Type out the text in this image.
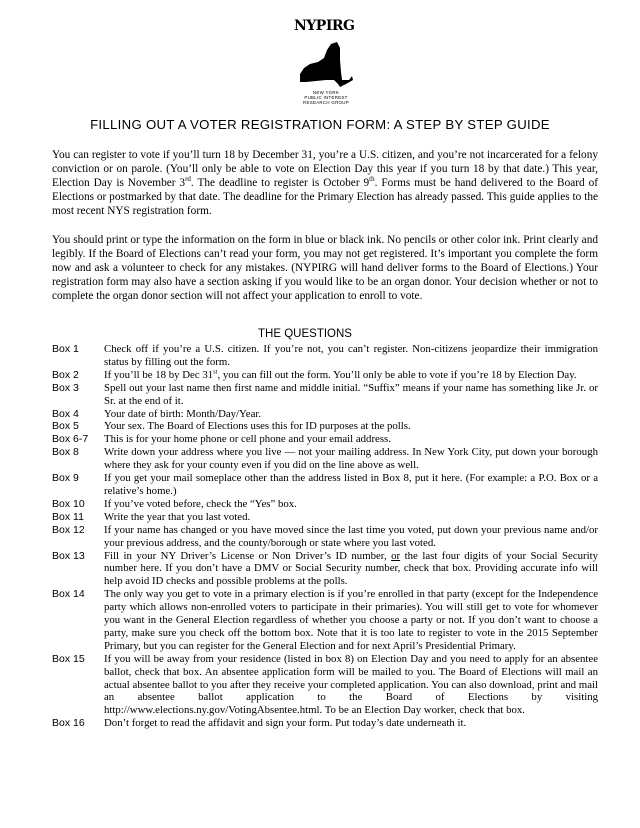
NYPIRG
NEW YORK
PUBLIC INTEREST
RESEARCH GROUP
FILLING OUT A VOTER REGISTRATION FORM: A STEP BY STEP GUIDE
You can register to vote if you’ll turn 18 by December 31, you’re a U.S. citizen, and you’re not incarcerated for a felony conviction or on parole. (You’ll only be able to vote on Election Day this year if you turn 18 by that date.) This year, Election Day is November 3rd. The deadline to register is October 9th. Forms must be hand delivered to the Board of Elections or postmarked by that date. The deadline for the Primary Election has already passed. This guide applies to the most recent NYS registration form.
You should print or type the information on the form in blue or black ink. No pencils or other color ink. Print clearly and legibly. If the Board of Elections can’t read your form, you may not get registered. It’s important you complete the form now and ask a volunteer to check for any mistakes. (NYPIRG will hand deliver forms to the Board of Elections.) Your registration form may also have a section asking if you would like to be an organ donor. Your decision whether or not to complete the organ donor section will not affect your application to enroll to vote.
THE QUESTIONS
Box 1	Check off if you’re a U.S. citizen. If you’re not, you can’t register. Non-citizens jeopardize their immigration status by filling out the form.
Box 2	If you’ll be 18 by Dec 31st, you can fill out the form. You’ll only be able to vote if you’re 18 by Election Day.
Box 3	Spell out your last name then first name and middle initial. “Suffix” means if your name has something like Jr. or Sr. at the end of it.
Box 4	Your date of birth: Month/Day/Year.
Box 5	Your sex. The Board of Elections uses this for ID purposes at the polls.
Box 6-7	This is for your home phone or cell phone and your email address.
Box 8	Write down your address where you live — not your mailing address. In New York City, put down your borough where they ask for your county even if you did on the line above as well.
Box 9	If you get your mail someplace other than the address listed in Box 8, put it here. (For example: a P.O. Box or a relative’s home.)
Box 10	If you’ve voted before, check the “Yes” box.
Box 11	Write the year that you last voted.
Box 12	If your name has changed or you have moved since the last time you voted, put down your previous name and/or your previous address, and the county/borough or state where you last voted.
Box 13	Fill in your NY Driver’s License or Non Driver’s ID number, or the last four digits of your Social Security number here. If you don’t have a DMV or Social Security number, check that box. Providing accurate info will help avoid ID checks and possible problems at the polls.
Box 14	The only way you get to vote in a primary election is if you’re enrolled in that party (except for the Independence party which allows non-enrolled voters to participate in their primaries). You will still get to vote for whomever you want in the General Election regardless of whether you choose a party or not. If you don’t want to choose a party, make sure you check off the bottom box. Note that it is too late to register to vote in the 2015 September Primary, but you can register for the General Election and for next April’s Presidential Primary.
Box 15	If you will be away from your residence (listed in box 8) on Election Day and you need to apply for an absentee ballot, check that box. An absentee application form will be mailed to you. The Board of Elections will mail an actual absentee ballot to you after they receive your completed application. You can also download, print and mail an absentee ballot application to the Board of Elections by visiting http://www.elections.ny.gov/VotingAbsentee.html. To be an Election Day worker, check that box.
Box 16	Don’t forget to read the affidavit and sign your form. Put today’s date underneath it.
